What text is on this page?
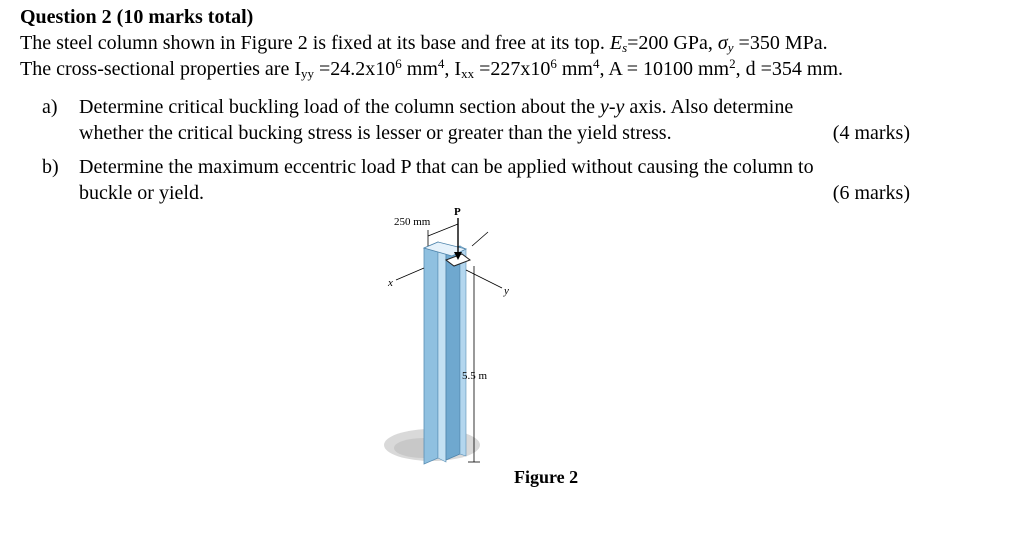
Question 2 (10 marks total)
The steel column shown in Figure 2 is fixed at its base and free at its top. $E_s=200$ GPa, $\sigma_y =350$ MPa.
The cross-sectional properties are $I_{yy} =24.2x10^6$ $mm^4$, $I_{xx} =227x10^6$ $mm^4$, A = 10100 $mm^2$, d =354 mm.
a) Determine critical buckling load of the column section about the y-y axis. Also determine
whether the critical bucking stress is lesser or greater than the yield stress.	(4 marks)
b) Determine the maximum eccentric load P that can be applied without causing the column to
buckle or yield.	(6 marks)
250 mm
P
x
y
5.5 m
Figure 2
